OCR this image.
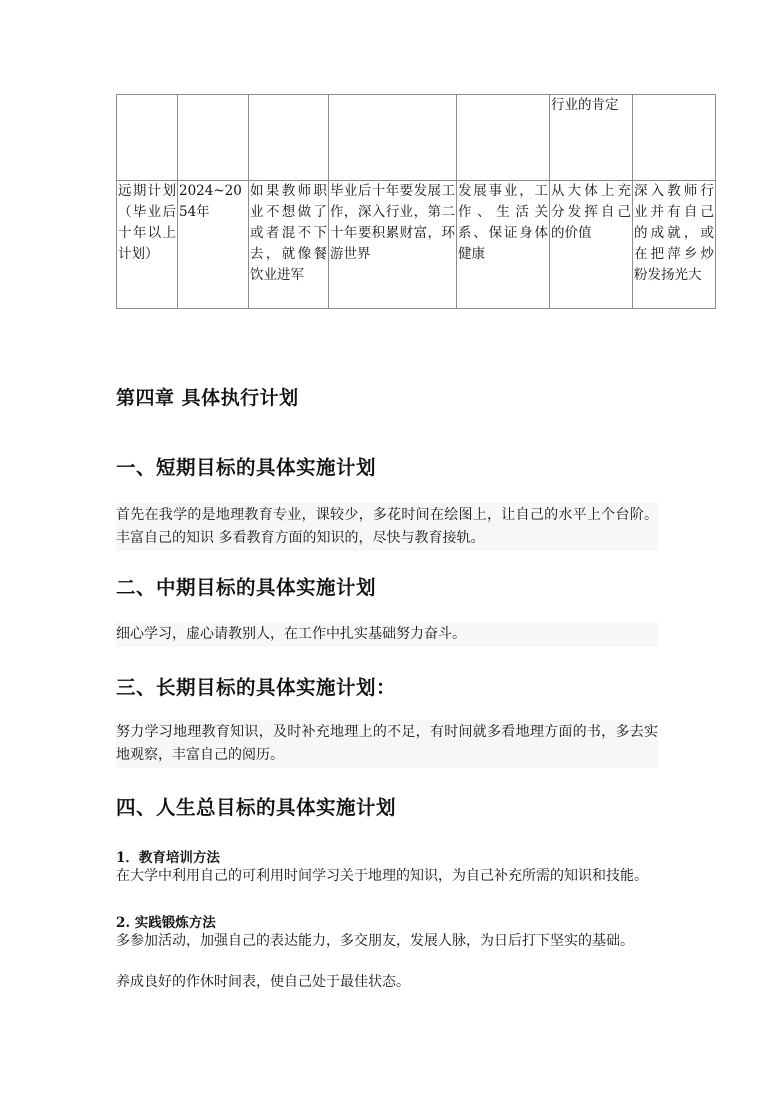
					行业的肯定	
远期计划（毕业后十年以上计划）	2024~2054年	如果教师职业不想做了或者混不下去，就像餐饮业进军	毕业后十年要发展工作，深入行业，第二十年要积累财富，环游世界	发展事业，工作、生活关系、保证身体健康	从大体上充分发挥自己的价值	深入教师行业并有自己的成就，或在把萍乡炒粉发扬光大
第四章 具体执行计划
一、短期目标的具体实施计划

首先在我学的是地理教育专业，课较少，多花时间在绘图上，让自己的水平上个台阶。丰富自己的知识 多看教育方面的知识的，尽快与教育接轨。

二、中期目标的具体实施计划

细心学习，虚心请教别人，在工作中扎实基础努力奋斗。

三、长期目标的具体实施计划：

努力学习地理教育知识，及时补充地理上的不足，有时间就多看地理方面的书，多去实地观察，丰富自己的阅历。

四、人生总目标的具体实施计划

1．教育培训方法

在大学中利用自己的可利用时间学习关于地理的知识，为自己补充所需的知识和技能。

2. 实践锻炼方法

多参加活动，加强自己的表达能力，多交朋友，发展人脉，为日后打下坚实的基础。

养成良好的作休时间表，使自己处于最佳状态。
